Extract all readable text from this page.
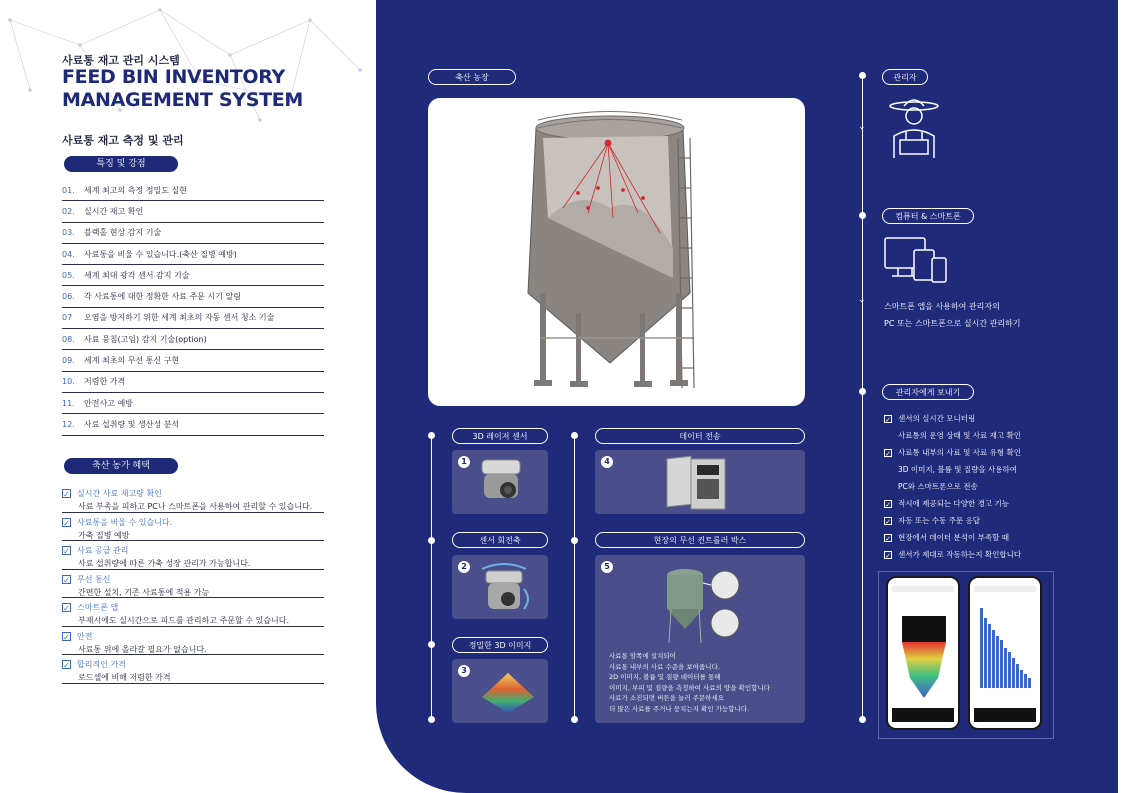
사료통 재고 관리 시스템
FEED BIN INVENTORY
MANAGEMENT SYSTEM
사료통 재고 측정 및 관리
특징 및 강점
01.	세계 최고의 측정 정밀도 실현
02.	실시간 재고 확인
03.	블랙홀 현상 감지 기술
04.	사료통을 비울 수 있습니다.(축산 질병 예방)
05.	세계 최대 광각 센서 감지 기술
06.	각 사료통에 대한 정확한 사료 주문 시기 알림
07	오염을 방지하기 위한 세계 최초의 자동 센서 청소 기술
08.	사료 뭉침(고임) 감지 기술(option)
09.	세계 최초의 무선 통신 구현
10.	저렴한 가격
11.	안전사고 예방
12.	사료 섭취량 및 생산성 분석
축산 농가 혜택
✓ 실시간 사료 재고량 확인
사료 부족을 피하고 PC나 스마트폰을 사용하여 관리할 수 있습니다.
✓ 사료통을 비울 수 있습니다.
가축 질병 예방
✓ 사료 공급 관리
사료 섭취량에 따른 가축 성장 관리가 가능합니다.
✓ 무선 통신
간편한 설치, 기존 사료통에 적용 가능
✓ 스마트폰 앱
부재시에도 실시간으로 피드를 관리하고 주문할 수 있습니다.
✓ 안전
사료통 위에 올라갈 필요가 없습니다.
✓ 합리적인 가격
로드셀에 비해 저렴한 가격
축산 농장
3D 레이저 센서
1
센서 회전축
2
정밀한 3D 이미지
3
데이터 전송
4
현장의 무선 컨트롤러 박스
5
사료통 암쪽에 설치되어
사료통 내부의 사료 수준을 보여줍니다.
2D 이미지, 볼륨 및 질량 데이터를 통해
이미지, 부피 및 질량을 측정하여 사료의 양을 확인합니다
사료가 소진되면 버튼을 눌러 주문하세요
더 많은 사료를 주거나 뭉치는지 확인 가능합니다.
⌄
⌄
관리자
컴퓨터 & 스마트폰
스마트폰 앱을 사용하여 관리자의
PC 또는 스마트폰으로 실시간 관리하기
관리자에게 보내기
✓ 센서의 실시간 모니터링
사료통의 운영 상태 및 사료 재고 확인
✓ 사료통 내부의 사료 및 사료 유형 확인
3D 이미지, 볼륨 및 질량을 사용하여
PC와 스마트폰으로 전송
✓ 적시에 제공되는 다양한 경고 기능
✓ 자동 또는 수동 주문 응답
✓ 현장에서 데이터 분석이 부족할 때
✓ 센서가 제대로 작동하는지 확인합니다
